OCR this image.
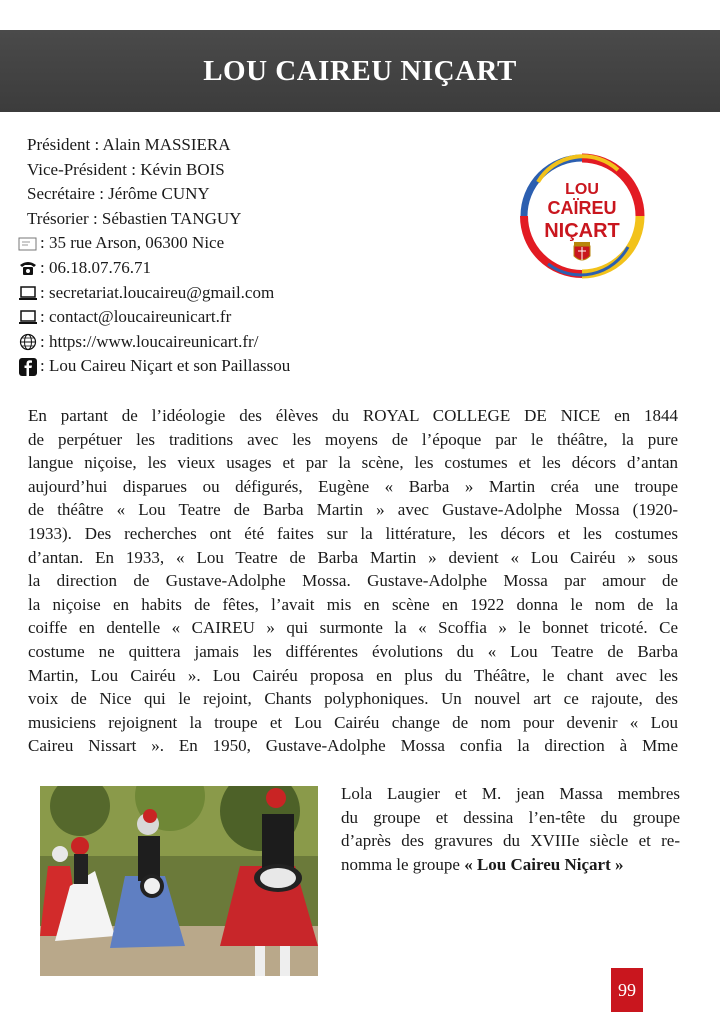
LOU CAIREU NIÇART
Président : Alain MASSIERA
Vice-Président : Kévin BOIS
Secrétaire : Jérôme CUNY
Trésorier : Sébastien TANGUY
: 35 rue Arson, 06300 Nice
: 06.18.07.76.71
: secretariat.loucaireu@gmail.com
: contact@loucaireunicart.fr
: https://www.loucaireunicart.fr/
: Lou Caireu Niçart et son Paillassou
LOU
CAÏREU
NIÇART
En partant de l’idéologie des élèves du ROYAL COLLEGE DE NICE en 1844
de perpétuer les traditions avec les moyens de l’époque par le théâtre, la pure
langue niçoise, les vieux usages et par la scène, les costumes et les décors d’antan
aujourd’hui disparues ou défigurés, Eugène « Barba » Martin créa une troupe
de théâtre « Lou Teatre de Barba Martin » avec Gustave-Adolphe Mossa (1920-
1933). Des recherches ont été faites sur la littérature, les décors et les costumes
d’antan. En 1933, « Lou Teatre de Barba Martin » devient « Lou Cairéu » sous
la direction de Gustave-Adolphe Mossa. Gustave-Adolphe Mossa par amour de
la niçoise en habits de fêtes, l’avait mis en scène en 1922 donna le nom de la
coiffe en dentelle « CAIREU » qui surmonte la « Scoffia » le bonnet tricoté. Ce
costume ne quittera jamais les différentes évolutions du « Lou Teatre de Barba
Martin, Lou Cairéu ». Lou Cairéu proposa en plus du Théâtre, le chant avec les
voix de Nice qui le rejoint, Chants polyphoniques. Un nouvel art ce rajoute, des
musiciens rejoignent la troupe et Lou Cairéu change de nom pour devenir « Lou
Caireu Nissart ». En 1950, Gustave-Adolphe Mossa confia la direction à Mme
Lola Laugier et M. jean Massa membres
du groupe et dessina l’en-tête du groupe
d’après des gravures du XVIIIe siècle et re-
nomma le groupe « Lou Caireu Niçart »
99
